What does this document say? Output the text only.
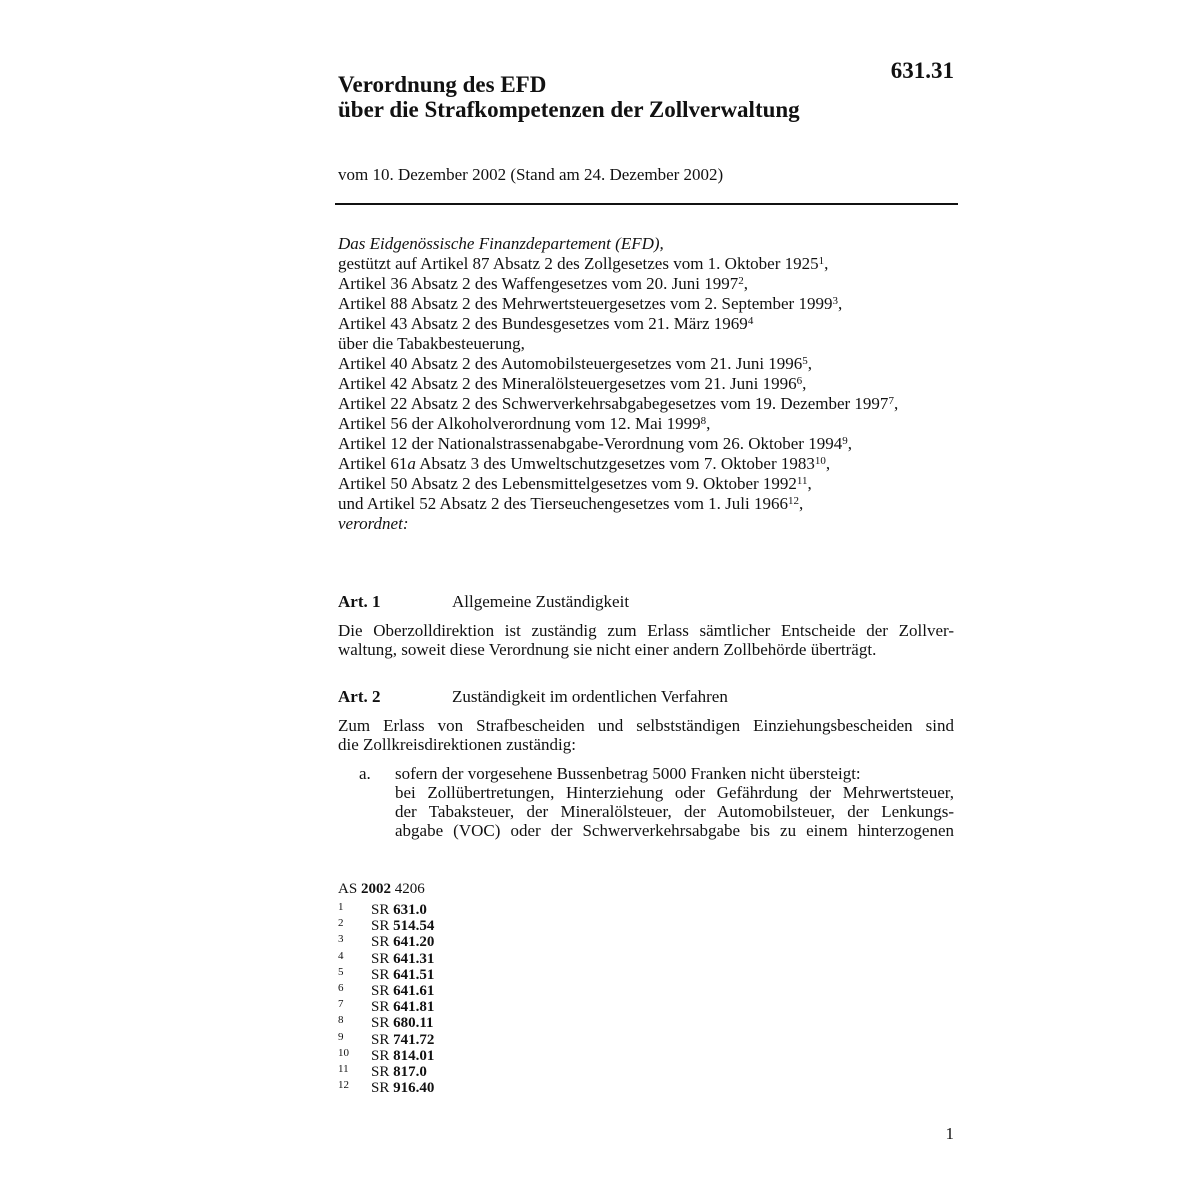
631.31
Verordnung des EFD
über die Strafkompetenzen der Zollverwaltung
vom 10. Dezember 2002 (Stand am 24. Dezember 2002)
Das Eidgenössische Finanzdepartement (EFD),
gestützt auf Artikel 87 Absatz 2 des Zollgesetzes vom 1. Oktober 1925$^1$,
Artikel 36 Absatz 2 des Waffengesetzes vom 20. Juni 1997$^2$,
Artikel 88 Absatz 2 des Mehrwertsteuergesetzes vom 2. September 1999$^3$,
Artikel 43 Absatz 2 des Bundesgesetzes vom 21. März 1969$^4$
über die Tabakbesteuerung,
Artikel 40 Absatz 2 des Automobilsteuergesetzes vom 21. Juni 1996$^5$,
Artikel 42 Absatz 2 des Mineralölsteuergesetzes vom 21. Juni 1996$^6$,
Artikel 22 Absatz 2 des Schwerverkehrsabgabegesetzes vom 19. Dezember 1997$^7$,
Artikel 56 der Alkoholverordnung vom 12. Mai 1999$^8$,
Artikel 12 der Nationalstrassenabgabe-Verordnung vom 26. Oktober 1994$^9$,
Artikel 61a Absatz 3 des Umweltschutzgesetzes vom 7. Oktober 1983$^{10}$,
Artikel 50 Absatz 2 des Lebensmittelgesetzes vom 9. Oktober 1992$^{11}$,
und Artikel 52 Absatz 2 des Tierseuchengesetzes vom 1. Juli 1966$^{12}$,
verordnet:
Art. 1	Allgemeine Zuständigkeit
Die Oberzolldirektion ist zuständig zum Erlass sämtlicher Entscheide der Zollver-
waltung, soweit diese Verordnung sie nicht einer andern Zollbehörde überträgt.
Art. 2	Zuständigkeit im ordentlichen Verfahren
Zum Erlass von Strafbescheiden und selbstständigen Einziehungsbescheiden sind
die Zollkreisdirektionen zuständig:
a. sofern der vorgesehene Bussenbetrag 5000 Franken nicht übersteigt:
bei Zollübertretungen, Hinterziehung oder Gefährdung der Mehrwertsteuer,
der Tabaksteuer, der Mineralölsteuer, der Automobilsteuer, der Lenkungs-
abgabe (VOC) oder der Schwerverkehrsabgabe bis zu einem hinterzogenen
AS 2002 4206
1 SR 631.0
2 SR 514.54
3 SR 641.20
4 SR 641.31
5 SR 641.51
6 SR 641.61
7 SR 641.81
8 SR 680.11
9 SR 741.72
10 SR 814.01
11 SR 817.0
12 SR 916.40
1
